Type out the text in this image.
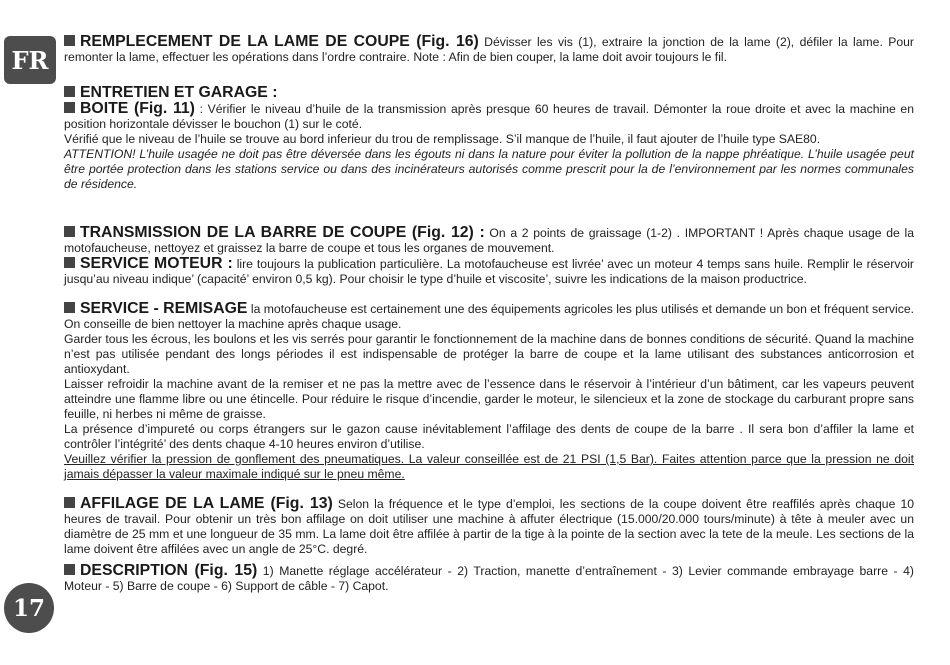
FR
17

REMPLECEMENT DE LA LAME DE COUPE (Fig. 16) Dévisser les vis (1), extraire la jonction de la lame (2), défiler la lame. Pour remonter la lame, effectuer les opérations dans l’ordre contraire. Note : Afin de bien couper, la lame doit avoir toujours le fil.

ENTRETIEN ET GARAGE :

BOITE (Fig. 11) : Vérifier le niveau d’huile de la transmission après presque 60 heures de travail. Démonter la roue droite et avec la machine en position horizontale dévisser le bouchon (1) sur le coté.

Vérifié que le niveau de l’huile se trouve au bord inferieur du trou de remplissage. S’il manque de l’huile, il faut ajouter de l’huile type SAE80.

ATTENTION! L’huile usagée ne doit pas être déversée dans les égouts ni dans la nature pour éviter la pollution de la nappe phréatique. L’huile usagée peut être portée protection dans les stations service ou dans des incinérateurs autorisés comme prescrit pour la de l’environnement par les normes communales de résidence.

TRANSMISSION DE LA BARRE DE COUPE (Fig. 12) : On a 2 points de graissage (1-2) . IMPORTANT ! Après chaque usage de la motofaucheuse, nettoyez et graissez la barre de coupe et tous les organes de mouvement.

SERVICE MOTEUR : lire toujours la publication particulière. La motofaucheuse est livrée’ avec un moteur 4 temps sans huile. Remplir le réservoir jusqu’au niveau indique’ (capacité’ environ 0,5 kg). Pour choisir le type d’huile et viscosite’, suivre les indications de la maison productrice.

SERVICE - REMISAGE la motofaucheuse est certainement une des équipements agricoles les plus utilisés et demande un bon et fréquent service. On conseille de bien nettoyer la machine après chaque usage.

Garder tous les écrous, les boulons et les vis serrés pour garantir le fonctionnement de la machine dans de bonnes conditions de sécurité. Quand la machine n’est pas utilisée pendant des longs périodes il est indispensable de protéger la barre de coupe et la lame utilisant des substances anticorrosion et antioxydant.

Laisser refroidir la machine avant de la remiser et ne pas la mettre avec de l’essence dans le réservoir à l’intérieur d’un bâtiment, car les vapeurs peuvent atteindre une flamme libre ou une étincelle. Pour réduire le risque d’incendie, garder le moteur, le silencieux et la zone de stockage du carburant propre sans feuille, ni herbes ni même de graisse.

La présence d’impureté ou corps étrangers sur le gazon cause inévitablement l’affilage des dents de coupe de la barre . Il sera bon d’affiler la lame et contrôler l’intégrité’ des dents chaque 4-10 heures environ d’utilise.

Veuillez vérifier la pression de gonflement des pneumatiques. La valeur conseillée est de 21 PSI (1,5 Bar). Faites attention parce que la pression ne doit jamais dépasser la valeur maximale indiqué sur le pneu même.

AFFILAGE DE LA LAME (Fig. 13) Selon la fréquence et le type d’emploi, les sections de la coupe doivent être reaffilés après chaque 10 heures de travail. Pour obtenir un très bon affilage on doit utiliser une machine à affuter électrique (15.000/20.000 tours/minute) à tête à meuler avec un diamètre de 25 mm et une longueur de 35 mm. La lame doit être affilée à partir de la tige à la pointe de la section avec la tete de la meule. Les sections de la lame doivent être affilées avec un angle de 25°C. degré.

DESCRIPTION (Fig. 15) 1) Manette réglage accélérateur - 2) Traction, manette d’entraînement - 3) Levier commande embrayage barre - 4) Moteur - 5) Barre de coupe - 6) Support de câble - 7) Capot.
